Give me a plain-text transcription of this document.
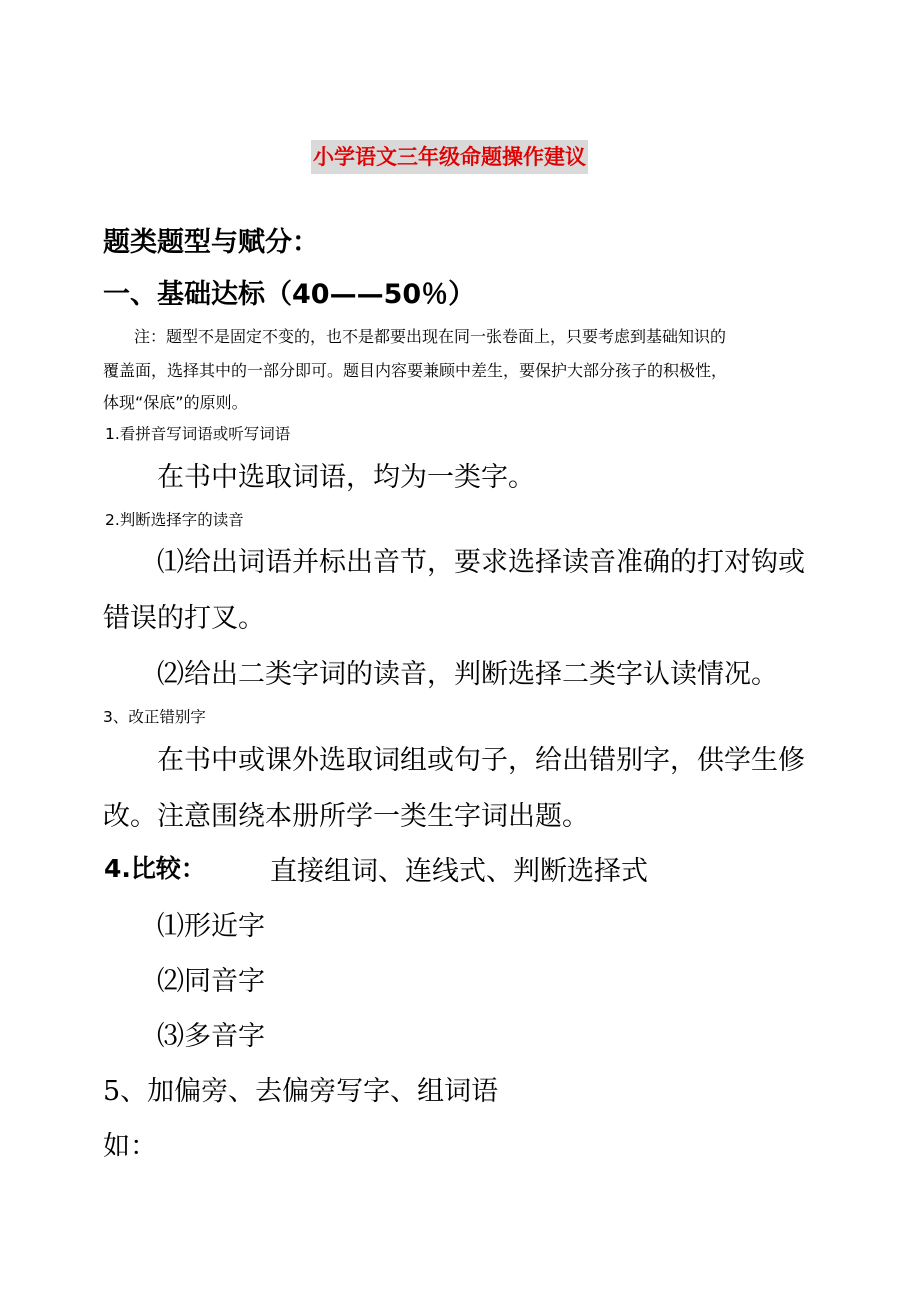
小学语文三年级命题操作建议
题类题型与赋分：
一、基础达标（40——50％）
注：题型不是固定不变的，也不是都要出现在同一张卷面上，只要考虑到基础知识的
覆盖面，选择其中的一部分即可。题目内容要兼顾中差生，要保护大部分孩子的积极性，
体现“保底”的原则。
1.看拼音写词语或听写词语
在书中选取词语，均为一类字。
2.判断选择字的读音
⑴给出词语并标出音节，要求选择读音准确的打对钩或
错误的打叉。
⑵给出二类字词的读音，判断选择二类字认读情况。
3、改正错别字
在书中或课外选取词组或句子，给出错别字，供学生修
改。注意围绕本册所学一类生字词出题。
4.比较： 直接组词、连线式、判断选择式
⑴形近字
⑵同音字
⑶多音字
5、加偏旁、去偏旁写字、组词语
如：
